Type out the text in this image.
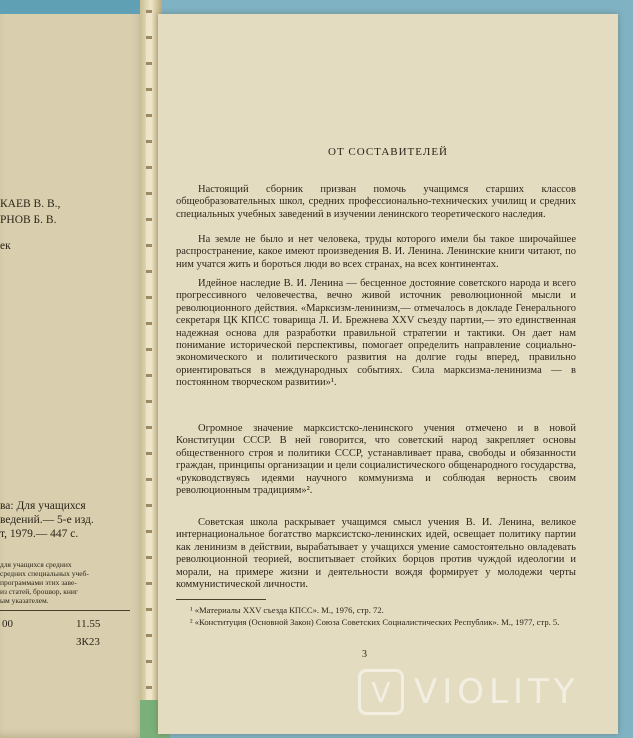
КАЕВ В. В.,
РНОВ Б. В.
ек
ва: Для учащихся
ведений.— 5-е изд.
т, 1979.— 447 с.
для учащихся средних
средних специальных учеб-
программами этих заве-
из статей, брошюр, книг
ым указателем.
00	11.55
ЗК23
ОТ СОСТАВИТЕЛЕЙ
Настоящий сборник призван помочь учащимся старших классов общеобразовательных школ, средних профессионально-технических училищ и средних специальных учебных заведений в изучении ленинского теоретического наследия.
На земле не было и нет человека, труды которого имели бы такое широчайшее распространение, какое имеют произведения В. И. Ленина. Ленинские книги читают, по ним учатся жить и бороться люди во всех странах, на всех континентах.
Идейное наследие В. И. Ленина — бесценное достояние советского народа и всего прогрессивного человечества, вечно живой источник революционной мысли и революционного действия. «Марксизм-ленинизм,— отмечалось в докладе Генерального секретаря ЦК КПСС товарища Л. И. Брежнева XXV съезду партии,— это единственная надежная основа для разработки правильной стратегии и тактики. Он дает нам понимание исторической перспективы, помогает определить направление социально-экономического и политического развития на долгие годы вперед, правильно ориентироваться в международных событиях. Сила марксизма-ленинизма — в постоянном творческом развитии»¹.
Огромное значение марксистско-ленинского учения отмечено и в новой Конституции СССР. В ней говорится, что советский народ закрепляет основы общественного строя и политики СССР, устанавливает права, свободы и обязанности граждан, принципы организации и цели социалистического общенародного государства, «руководствуясь идеями научного коммунизма и соблюдая верность своим революционным традициям»².
Советская школа раскрывает учащимся смысл учения В. И. Ленина, великое интернациональное богатство марксистско-ленинских идей, освещает политику партии как ленинизм в действии, вырабатывает у учащихся умение самостоятельно овладевать революционной теорией, воспитывает стойких борцов против чуждой идеологии и морали, на примере жизни и деятельности вождя формирует у молодежи черты коммунистической личности.
¹ «Материалы XXV съезда КПСС». М., 1976, стр. 72.
² «Конституция (Основной Закон) Союза Советских Социалистических Республик». М., 1977, стр. 5.
3
V VIOLITY
